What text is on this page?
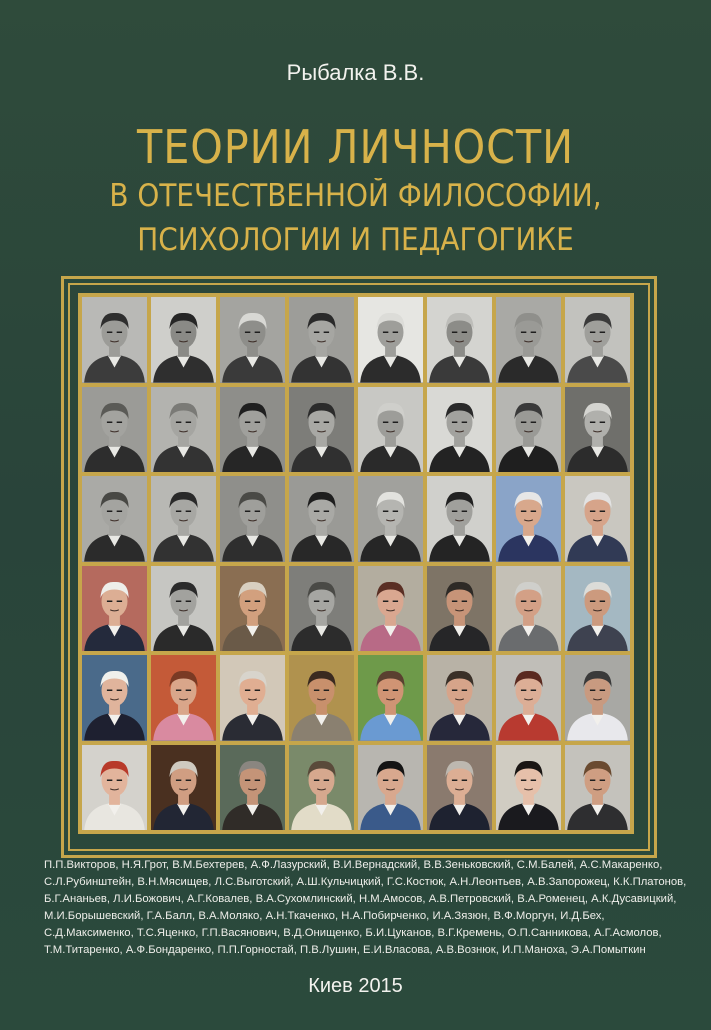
Рыбалка В.В.
ТЕОРИИ ЛИЧНОСТИ
В ОТЕЧЕСТВЕННОЙ ФИЛОСОФИИ,
ПСИХОЛОГИИ И ПЕДАГОГИКЕ
П.П.Викторов, Н.Я.Грот, В.М.Бехтерев, А.Ф.Лазурский, В.И.Вернадский, В.В.Зеньковский, С.М.Балей, А.С.Макаренко,
С.Л.Рубинштейн, В.Н.Мясищев, Л.С.Выготский, А.Ш.Кульчицкий, Г.С.Костюк, А.Н.Леонтьев, А.В.Запорожец, К.К.Платонов,
Б.Г.Ананьев, Л.И.Божович, А.Г.Ковалев, В.А.Сухомлинский, Н.М.Амосов, А.В.Петровский, В.А.Роменец, А.К.Дусавицкий,
М.И.Борышевский, Г.А.Балл, В.А.Моляко, А.Н.Ткаченко, Н.А.Побирченко, И.А.Зязюн, В.Ф.Моргун, И.Д.Бех,
С.Д.Максименко, Т.С.Яценко, Г.П.Васянович, В.Д.Онищенко, Б.И.Цуканов, В.Г.Кремень, О.П.Санникова, А.Г.Асмолов,
Т.М.Титаренко, А.Ф.Бондаренко, П.П.Горностай, П.В.Лушин, Е.И.Власова, А.В.Вознюк, И.П.Маноха, Э.А.Помыткин
Киев 2015
